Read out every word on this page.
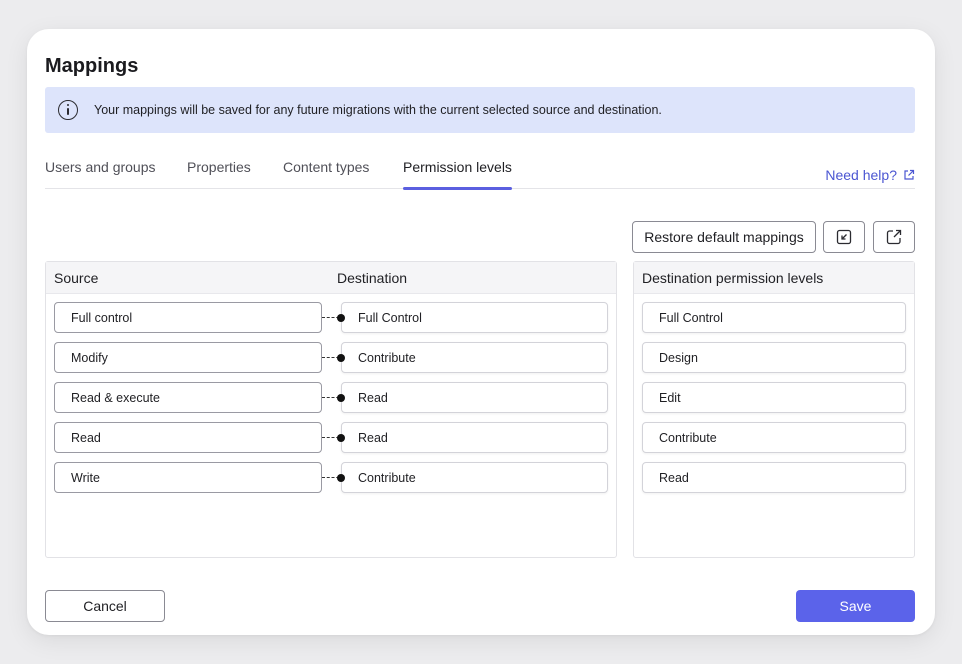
Mappings
Your mappings will be saved for any future migrations with the current selected source and destination.
Users and groups Properties Content types Permission levels	Need help?
Restore default mappings
Source	Destination
Full control	Full Control
Modify	Contribute
Read & execute	Read
Read	Read
Write	Contribute
Destination permission levels
Full Control
Design
Edit
Contribute
Read
Cancel	Save
